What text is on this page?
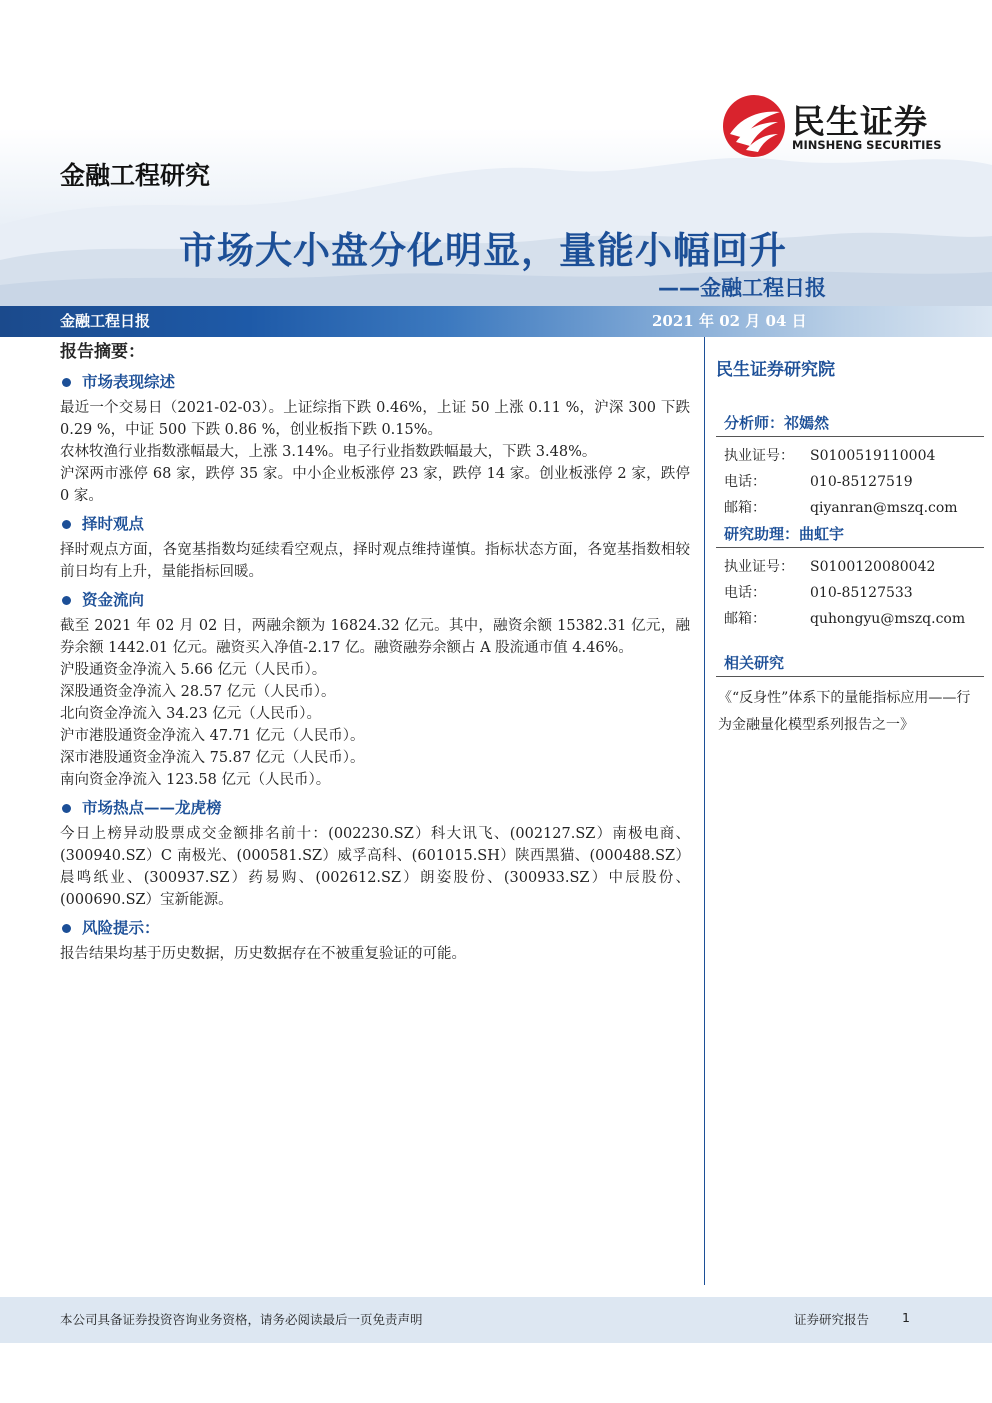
民生证券
MINSHENG SECURITIES
金融工程研究
市场大小盘分化明显，量能小幅回升
——金融工程日报
金融工程日报	2021 年 02 月 04 日
报告摘要：
市场表现综述
最近一个交易日（2021-02-03）。上证综指下跌 0.46%，上证 50 上涨 0.11 %，沪深 300 下跌 0.29 %，中证 500 下跌 0.86 %，创业板指下跌 0.15%。
农林牧渔行业指数涨幅最大，上涨 3.14%。电子行业指数跌幅最大，下跌 3.48%。
沪深两市涨停 68 家，跌停 35 家。中小企业板涨停 23 家，跌停 14 家。创业板涨停 2 家，跌停 0 家。
择时观点
择时观点方面，各宽基指数均延续看空观点，择时观点维持谨慎。指标状态方面，各宽基指数相较前日均有上升，量能指标回暖。
资金流向
截至 2021 年 02 月 02 日，两融余额为 16824.32 亿元。其中，融资余额 15382.31 亿元，融券余额 1442.01 亿元。融资买入净值-2.17 亿。融资融券余额占 A 股流通市值 4.46%。
沪股通资金净流入 5.66 亿元（人民币）。
深股通资金净流入 28.57 亿元（人民币）。
北向资金净流入 34.23 亿元（人民币）。
沪市港股通资金净流入 47.71 亿元（人民币）。
深市港股通资金净流入 75.87 亿元（人民币）。
南向资金净流入 123.58 亿元（人民币）。
市场热点——龙虎榜
今日上榜异动股票成交金额排名前十：(002230.SZ）科大讯飞、(002127.SZ）南极电商、(300940.SZ）C 南极光、(000581.SZ）威孚高科、(601015.SH）陕西黑猫、(000488.SZ）晨鸣纸业、(300937.SZ）药易购、(002612.SZ）朗姿股份、(300933.SZ）中辰股份、(000690.SZ）宝新能源。
风险提示：
报告结果均基于历史数据，历史数据存在不被重复验证的可能。
民生证券研究院
分析师：祁嫣然
执业证号：	S0100519110004
电话：	010-85127519
邮箱：	qiyanran@mszq.com
研究助理：曲虹宇
执业证号：	S0100120080042
电话：	010-85127533
邮箱：	quhongyu@mszq.com
相关研究
《“反身性”体系下的量能指标应用——行为金融量化模型系列报告之一》
本公司具备证券投资咨询业务资格，请务必阅读最后一页免责声明	证券研究报告	1
